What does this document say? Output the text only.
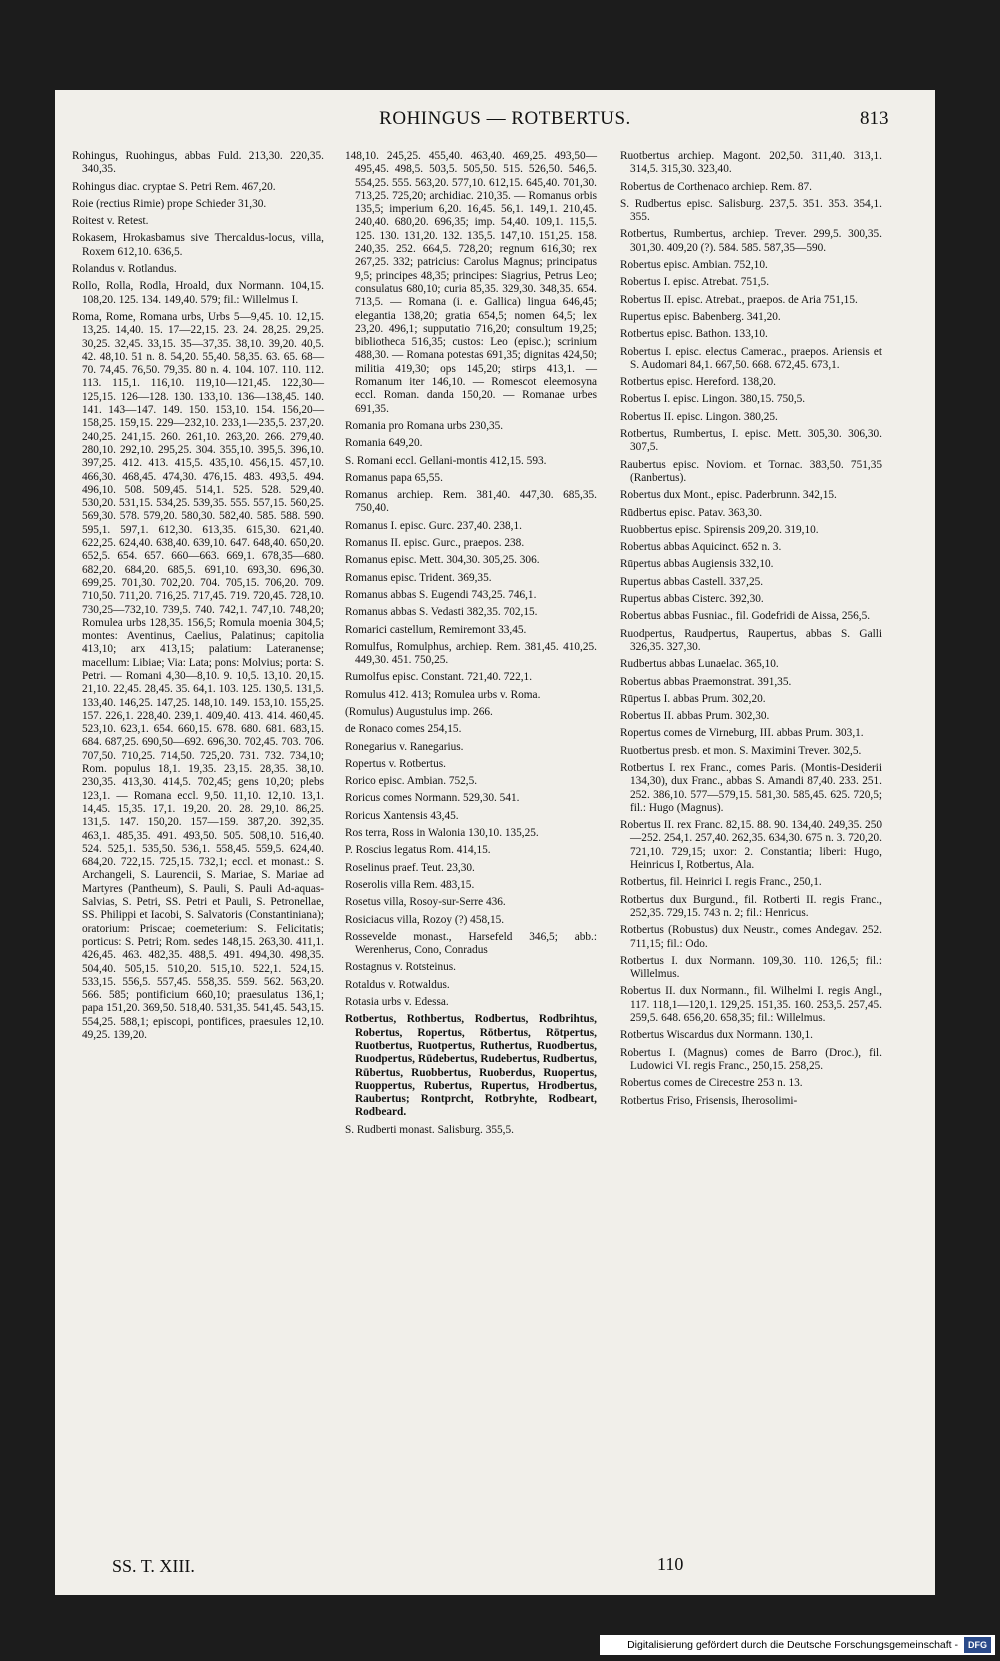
ROHINGUS — ROTBERTUS.	813

Rohingus, Ruohingus, abbas Fuld. 213,30. 220,35. 340,35.

Rohingus diac. cryptae S. Petri Rem. 467,20.

Roie (rectius Rimie) prope Schieder 31,30.

Roitest v. Retest.

Rokasem, Hrokasbamus sive Thercaldus-locus, villa, Roxem 612,10. 636,5.

Rolandus v. Rotlandus.

Rollo, Rolla, Rodla, Hroald, dux Normann. 104,15. 108,20. 125. 134. 149,40. 579; fil.: Willelmus I.

Roma, Rome, Romana urbs, Urbs 5—9,45. 10. 12,15. 13,25. 14,40. 15. 17—22,15. 23. 24. 28,25. 29,25. 30,25. 32,45. 33,15. 35—37,35. 38,10. 39,20. 40,5. 42. 48,10. 51 n. 8. 54,20. 55,40. 58,35. 63. 65. 68—70. 74,45. 76,50. 79,35. 80 n. 4. 104. 107. 110. 112. 113. 115,1. 116,10. 119,10—121,45. 122,30—125,15. 126—128. 130. 133,10. 136—138,45. 140. 141. 143—147. 149. 150. 153,10. 154. 156,20—158,25. 159,15. 229—232,10. 233,1—235,5. 237,20. 240,25. 241,15. 260. 261,10. 263,20. 266. 279,40. 280,10. 292,10. 295,25. 304. 355,10. 395,5. 396,10. 397,25. 412. 413. 415,5. 435,10. 456,15. 457,10. 466,30. 468,45. 474,30. 476,15. 483. 493,5. 494. 496,10. 508. 509,45. 514,1. 525. 528. 529,40. 530,20. 531,15. 534,25. 539,35. 555. 557,15. 560,25. 569,30. 578. 579,20. 580,30. 582,40. 585. 588. 590. 595,1. 597,1. 612,30. 613,35. 615,30. 621,40. 622,25. 624,40. 638,40. 639,10. 647. 648,40. 650,20. 652,5. 654. 657. 660—663. 669,1. 678,35—680. 682,20. 684,20. 685,5. 691,10. 693,30. 696,30. 699,25. 701,30. 702,20. 704. 705,15. 706,20. 709. 710,50. 711,20. 716,25. 717,45. 719. 720,45. 728,10. 730,25—732,10. 739,5. 740. 742,1. 747,10. 748,20; Romulea urbs 128,35. 156,5; Romula moenia 304,5; montes: Aventinus, Caelius, Palatinus; capitolia 413,10; arx 413,15; palatium: Lateranense; macellum: Libiae; Via: Lata; pons: Molvius; porta: S. Petri. — Romani 4,30—8,10. 9. 10,5. 13,10. 20,15. 21,10. 22,45. 28,45. 35. 64,1. 103. 125. 130,5. 131,5. 133,40. 146,25. 147,25. 148,10. 149. 153,10. 155,25. 157. 226,1. 228,40. 239,1. 409,40. 413. 414. 460,45. 523,10. 623,1. 654. 660,15. 678. 680. 681. 683,15. 684. 687,25. 690,50—692. 696,30. 702,45. 703. 706. 707,50. 710,25. 714,50. 725,20. 731. 732. 734,10; Rom. populus 18,1. 19,35. 23,15. 28,35. 38,10. 230,35. 413,30. 414,5. 702,45; gens 10,20; plebs 123,1. — Romana eccl. 9,50. 11,10. 12,10. 13,1. 14,45. 15,35. 17,1. 19,20. 20. 28. 29,10. 86,25. 131,5. 147. 150,20. 157—159. 387,20. 392,35. 463,1. 485,35. 491. 493,50. 505. 508,10. 516,40. 524. 525,1. 535,50. 536,1. 558,45. 559,5. 624,40. 684,20. 722,15. 725,15. 732,1; eccl. et monast.: S. Archangeli, S. Laurencii, S. Mariae, S. Mariae ad Martyres (Pantheum), S. Pauli, S. Pauli Ad-aquas-Salvias, S. Petri, SS. Petri et Pauli, S. Petronellae, SS. Philippi et Iacobi, S. Salvatoris (Constantiniana); oratorium: Priscae; coemeterium: S. Felicitatis; porticus: S. Petri; Rom. sedes 148,15. 263,30. 411,1. 426,45. 463. 482,35. 488,5. 491. 494,30. 498,35. 504,40. 505,15. 510,20. 515,10. 522,1. 524,15. 533,15. 556,5. 557,45. 558,35. 559. 562. 563,20. 566. 585; pontificium 660,10; praesulatus 136,1; papa 151,20. 369,50. 518,40. 531,35. 541,45. 543,15. 554,25. 588,1; episcopi, pontifices, praesules 12,10. 49,25. 139,20.

148,10. 245,25. 455,40. 463,40. 469,25. 493,50—495,45. 498,5. 503,5. 505,50. 515. 526,50. 546,5. 554,25. 555. 563,20. 577,10. 612,15. 645,40. 701,30. 713,25. 725,20; archidiac. 210,35. — Romanus orbis 135,5; imperium 6,20. 16,45. 56,1. 149,1. 210,45. 240,40. 680,20. 696,35; imp. 54,40. 109,1. 115,5. 125. 130. 131,20. 132. 135,5. 147,10. 151,25. 158. 240,35. 252. 664,5. 728,20; regnum 616,30; rex 267,25. 332; patricius: Carolus Magnus; principatus 9,5; principes 48,35; principes: Siagrius, Petrus Leo; consulatus 680,10; curia 85,35. 329,30. 348,35. 654. 713,5. — Romana (i. e. Gallica) lingua 646,45; elegantia 138,20; gratia 654,5; nomen 64,5; lex 23,20. 496,1; supputatio 716,20; consultum 19,25; bibliotheca 516,35; custos: Leo (episc.); scrinium 488,30. — Romana potestas 691,35; dignitas 424,50; militia 419,30; ops 145,20; stirps 413,1. — Romanum iter 146,10. — Romescot eleemosyna eccl. Roman. danda 150,20. — Romanae urbes 691,35.

Romania pro Romana urbs 230,35.

Romania 649,20.

S. Romani eccl. Gellani-montis 412,15. 593.

Romanus papa 65,55.

Romanus archiep. Rem. 381,40. 447,30. 685,35. 750,40.

Romanus I. episc. Gurc. 237,40. 238,1.

Romanus II. episc. Gurc., praepos. 238.

Romanus episc. Mett. 304,30. 305,25. 306.

Romanus episc. Trident. 369,35.

Romanus abbas S. Eugendi 743,25. 746,1.

Romanus abbas S. Vedasti 382,35. 702,15.

Romarici castellum, Remiremont 33,45.

Romulfus, Romulphus, archiep. Rem. 381,45. 410,25. 449,30. 451. 750,25.

Rumolfus episc. Constant. 721,40. 722,1.

Romulus 412. 413; Romulea urbs v. Roma.

(Romulus) Augustulus imp. 266.

de Ronaco comes 254,15.

Ronegarius v. Ranegarius.

Ropertus v. Rotbertus.

Rorico episc. Ambian. 752,5.

Roricus comes Normann. 529,30. 541.

Roricus Xantensis 43,45.

Ros terra, Ross in Walonia 130,10. 135,25.

P. Roscius legatus Rom. 414,15.

Roselinus praef. Teut. 23,30.

Roserolis villa Rem. 483,15.

Rosetus villa, Rosoy-sur-Serre 436.

Rosiciacus villa, Rozoy (?) 458,15.

Rossevelde monast., Harsefeld 346,5; abb.: Werenherus, Cono, Conradus

Rostagnus v. Rotsteinus.

Rotaldus v. Rotwaldus.

Rotasia urbs v. Edessa.

Rotbertus, Rothbertus, Rodbertus, Rodbrihtus, Robertus, Ropertus, Rōtbertus, Rōtpertus, Ruotbertus, Ruotpertus, Ruthertus, Ruodbertus, Ruodpertus, Rūdebertus, Rudebertus, Rudbertus, Rūbertus, Ruobbertus, Ruoberdus, Ruopertus, Ruoppertus, Rubertus, Rupertus, Hrodbertus, Raubertus; Rontprcht, Rotbryhte, Rodbeart, Rodbeard.

S. Rudberti monast. Salisburg. 355,5.

Ruotbertus archiep. Magont. 202,50. 311,40. 313,1. 314,5. 315,30. 323,40.

Robertus de Corthenaco archiep. Rem. 87.

S. Rudbertus episc. Salisburg. 237,5. 351. 353. 354,1. 355.

Rotbertus, Rumbertus, archiep. Trever. 299,5. 300,35. 301,30. 409,20 (?). 584. 585. 587,35—590.

Robertus episc. Ambian. 752,10.

Robertus I. episc. Atrebat. 751,5.

Robertus II. episc. Atrebat., praepos. de Aria 751,15.

Rupertus episc. Babenberg. 341,20.

Rotbertus episc. Bathon. 133,10.

Robertus I. episc. electus Camerac., praepos. Ariensis et S. Audomari 84,1. 667,50. 668. 672,45. 673,1.

Rotbertus episc. Hereford. 138,20.

Robertus I. episc. Lingon. 380,15. 750,5.

Robertus II. episc. Lingon. 380,25.

Rotbertus, Rumbertus, I. episc. Mett. 305,30. 306,30. 307,5.

Raubertus episc. Noviom. et Tornac. 383,50. 751,35 (Ranbertus).

Robertus dux Mont., episc. Paderbrunn. 342,15.

Rūdbertus episc. Patav. 363,30.

Ruobbertus episc. Spirensis 209,20. 319,10.

Robertus abbas Aquicinct. 652 n. 3.

Rūpertus abbas Augiensis 332,10.

Rupertus abbas Castell. 337,25.

Rupertus abbas Cisterc. 392,30.

Robertus abbas Fusniac., fil. Godefridi de Aissa, 256,5.

Ruodpertus, Raudpertus, Raupertus, abbas S. Galli 326,35. 327,30.

Rudbertus abbas Lunaelac. 365,10.

Robertus abbas Praemonstrat. 391,35.

Rūpertus I. abbas Prum. 302,20.

Robertus II. abbas Prum. 302,30.

Ropertus comes de Virneburg, III. abbas Prum. 303,1.

Ruotbertus presb. et mon. S. Maximini Trever. 302,5.

Rotbertus I. rex Franc., comes Paris. (Montis-Desiderii 134,30), dux Franc., abbas S. Amandi 87,40. 233. 251. 252. 386,10. 577—579,15. 581,30. 585,45. 625. 720,5; fil.: Hugo (Magnus).

Robertus II. rex Franc. 82,15. 88. 90. 134,40. 249,35. 250—252. 254,1. 257,40. 262,35. 634,30. 675 n. 3. 720,20. 721,10. 729,15; uxor: 2. Constantia; liberi: Hugo, Heinricus I, Rotbertus, Ala.

Rotbertus, fil. Heinrici I. regis Franc., 250,1.

Rotbertus dux Burgund., fil. Rotberti II. regis Franc., 252,35. 729,15. 743 n. 2; fil.: Henricus.

Rotbertus (Robustus) dux Neustr., comes Andegav. 252. 711,15; fil.: Odo.

Rotbertus I. dux Normann. 109,30. 110. 126,5; fil.: Willelmus.

Robertus II. dux Normann., fil. Wilhelmi I. regis Angl., 117. 118,1—120,1. 129,25. 151,35. 160. 253,5. 257,45. 259,5. 648. 656,20. 658,35; fil.: Willelmus.

Rotbertus Wiscardus dux Normann. 130,1.

Robertus I. (Magnus) comes de Barro (Droc.), fil. Ludowici VI. regis Franc., 250,15. 258,25.

Robertus comes de Cirecestre 253 n. 13.

Rotbertus Friso, Frisensis, Iherosolimi-

SS. T. XIII.	110
Digitalisierung gefördert durch die Deutsche Forschungsgemeinschaft - DFG
